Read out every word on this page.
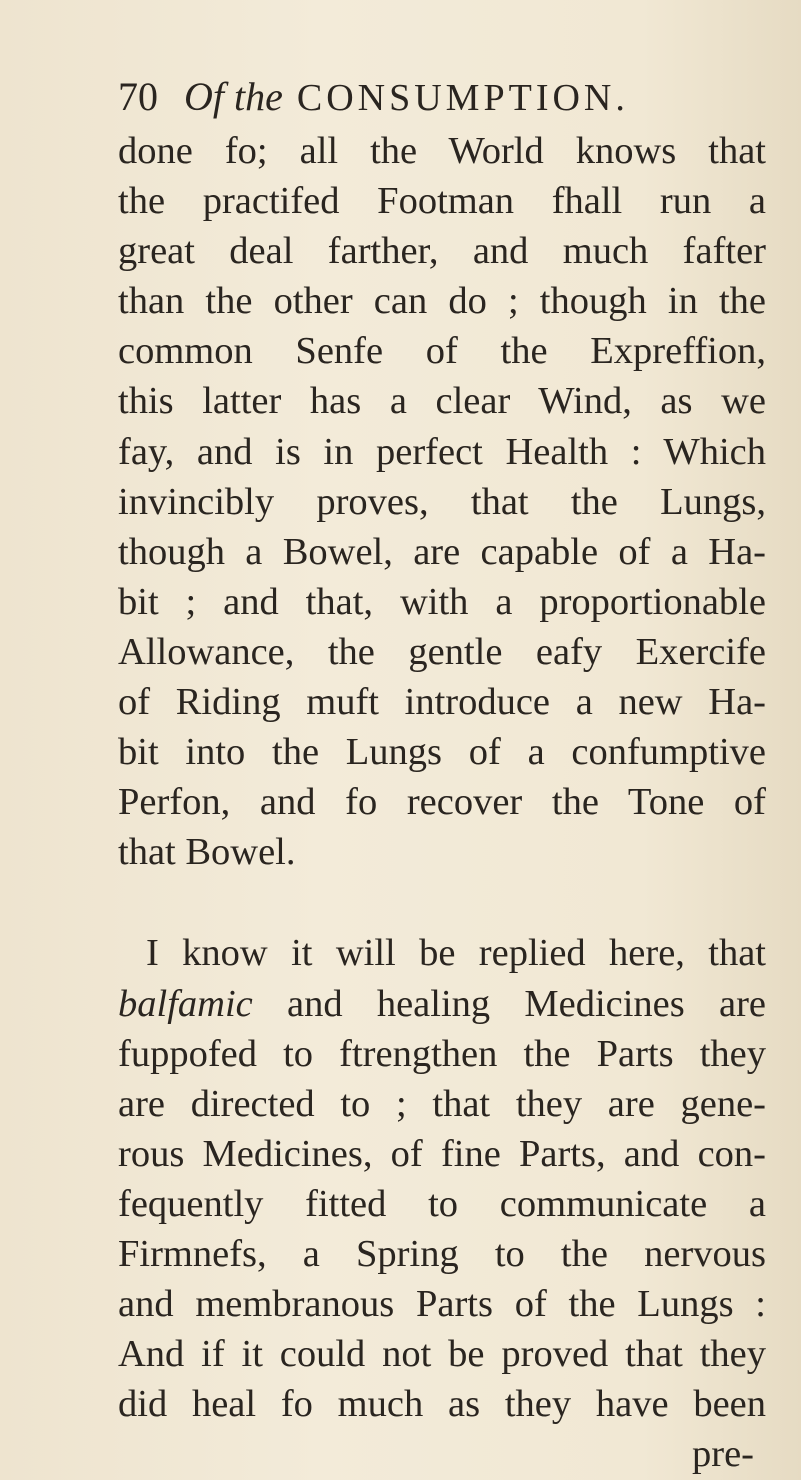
70 Of the CONSUMPTION.
done fo; all the World knows that
the practifed Footman fhall run a
great deal farther, and much fafter
than the other can do ; though in the
common Senfe of the Expreffion,
this latter has a clear Wind, as we
fay, and is in perfect Health : Which
invincibly proves, that the Lungs,
though a Bowel, are capable of a Ha-
bit ; and that, with a proportionable
Allowance, the gentle eafy Exercife
of Riding muft introduce a new Ha-
bit into the Lungs of a confumptive
Perfon, and fo recover the Tone of
that Bowel.
I know it will be replied here, that
balfamic and healing Medicines are
fuppofed to ftrengthen the Parts they
are directed to ; that they are gene-
rous Medicines, of fine Parts, and con-
fequently fitted to communicate a
Firmnefs, a Spring to the nervous
and membranous Parts of the Lungs :
And if it could not be proved that they
did heal fo much as they have been
pre-
